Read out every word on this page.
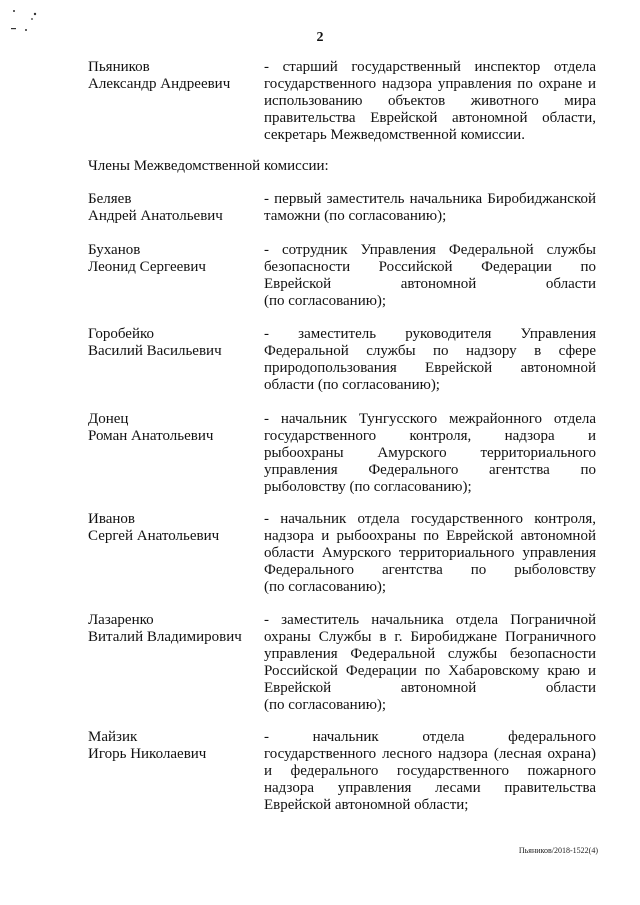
2
Пьяников
Александр Андреевич
- старший государственный инспектор отдела
государственного надзора управления по охране и
использованию объектов животного мира
правительства Еврейской автономной области,
секретарь Межведомственной комиссии.
Члены Межведомственной комиссии:
Беляев
Андрей Анатольевич
- первый заместитель начальника Биробиджанской
таможни (по согласованию);
Буханов
Леонид Сергеевич
- сотрудник Управления Федеральной службы
безопасности Российской Федерации по
Еврейской автономной области
(по согласованию);
Горобейко
Василий Васильевич
- заместитель руководителя Управления
Федеральной службы по надзору в сфере
природопользования Еврейской автономной
области (по согласованию);
Донец
Роман Анатольевич
- начальник Тунгусского межрайонного отдела
государственного контроля, надзора и
рыбоохраны Амурского территориального
управления Федерального агентства по
рыболовству (по согласованию);
Иванов
Сергей Анатольевич
- начальник отдела государственного контроля,
надзора и рыбоохраны по Еврейской автономной
области Амурского территориального управления
Федерального агентства по рыболовству
(по согласованию);
Лазаренко
Виталий Владимирович
- заместитель начальника отдела Пограничной
охраны Службы в г. Биробиджане Пограничного
управления Федеральной службы безопасности
Российской Федерации по Хабаровскому краю и
Еврейской автономной области
(по согласованию);
Майзик
Игорь Николаевич
- начальник отдела федерального
государственного лесного надзора (лесная охрана)
и федерального государственного пожарного
надзора управления лесами правительства
Еврейской автономной области;
Пьяников/2018-1522(4)
